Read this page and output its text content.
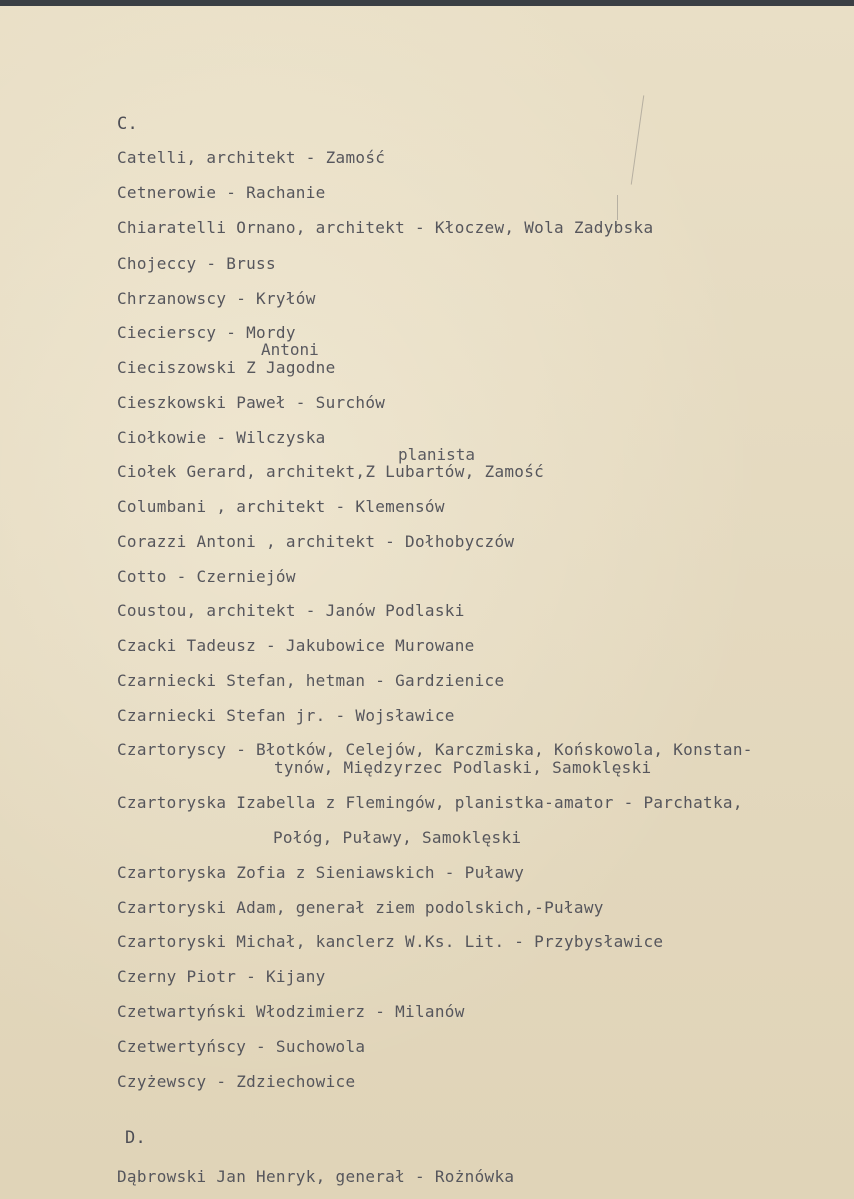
C.
Catelli, architekt - Zamość
Cetnerowie - Rachanie
Chiaratelli Ornano, architekt - Kłoczew, Wola Zadybska
Chojeccy - Bruss
Chrzanowscy - Kryłów
Ciecierscy - Mordy
Antoni
Cieciszowski Z Jagodne
Cieszkowski Paweł - Surchów
Ciołkowie - Wilczyska
planista
Ciołek Gerard, architekt,Z Lubartów, Zamość
Columbani , architekt - Klemensów
Corazzi Antoni , architekt - Dołhobyczów
Cotto - Czerniejów
Coustou, architekt - Janów Podlaski
Czacki Tadeusz - Jakubowice Murowane
Czarniecki Stefan, hetman - Gardzienice
Czarniecki Stefan jr. - Wojsławice
Czartoryscy - Błotków, Celejów, Karczmiska, Końskowola, Konstan-
tynów, Międzyrzec Podlaski, Samoklęski
Czartoryska Izabella z Flemingów, planistka-amator - Parchatka,
Połóg, Puławy, Samoklęski
Czartoryska Zofia z Sieniawskich - Puławy
Czartoryski Adam, generał ziem podolskich,-Puławy
Czartoryski Michał, kanclerz W.Ks. Lit. - Przybysławice
Czerny Piotr - Kijany
Czetwartyński Włodzimierz - Milanów
Czetwertyńscy - Suchowola
Czyżewscy - Zdziechowice
D.
Dąbrowski Jan Henryk, generał - Rożnówka
